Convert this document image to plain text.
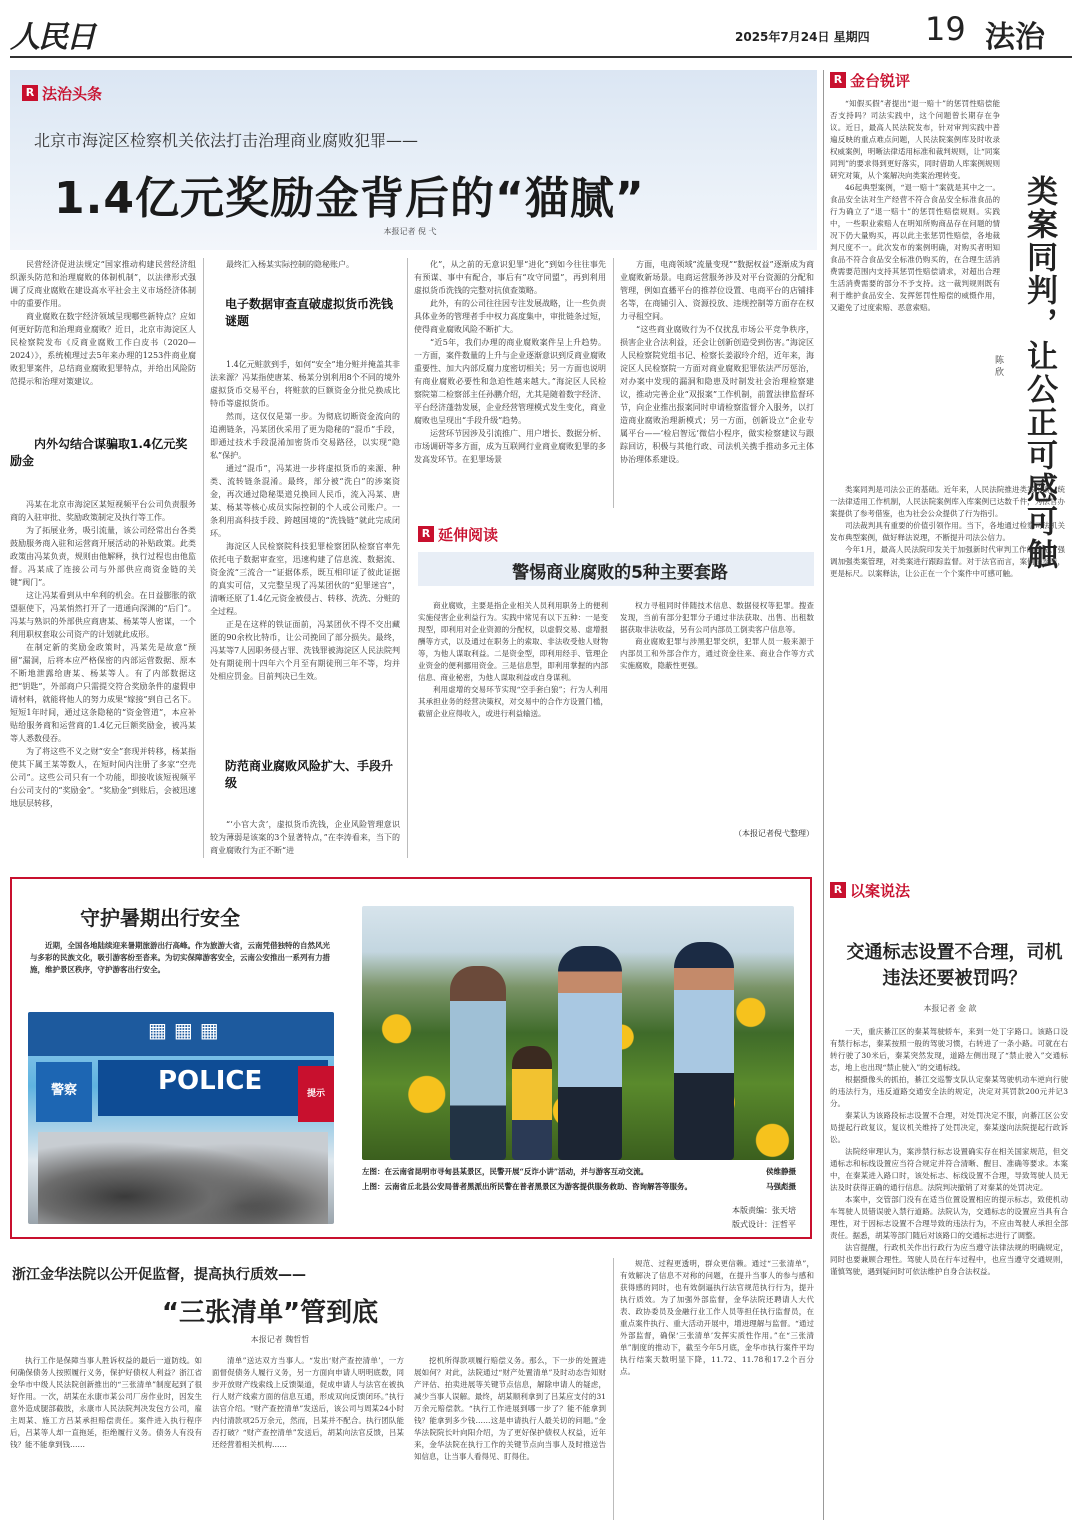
人民日	2025年7月24日 星期四	19 法治
R 法治头条
北京市海淀区检察机关依法打击治理商业腐败犯罪——
1.4亿元奖励金背后的“猫腻”
本报记者 倪 弋

民营经济促进法规定“国家推动构建民营经济组织源头防范和治理腐败的体制机制”，以法律形式强调了反商业腐败在建设高水平社会主义市场经济体制中的重要作用。

商业腐败在数字经济领域呈现哪些新特点？应如何更好防范和治理商业腐败？近日，北京市海淀区人民检察院发布《反商业腐败工作白皮书（2020—2024）》，系统梳理过去5年来办理的1253件商业腐败犯罪案件，总结商业腐败犯罪特点，并给出风险防范提示和治理对策建议。

内外勾结合谋骗取1.4亿元奖励金

冯某在北京市海淀区某短视频平台公司负责服务商的入驻审批、奖励政策制定及执行等工作。

为了拓展业务，吸引流量，该公司经常出台各类鼓励服务商入驻和运营商开展活动的补贴政策。此类政策由冯某负责，规则由他解释，执行过程也由他监督。冯某成了连接公司与外部供应商资金链的关键“阀门”。

这让冯某看到从中牟利的机会。在日益膨胀的欲望驱使下，冯某悄然打开了一道通向深渊的“后门”。冯某与熟识的外部供应商唐某、杨某等人密谋，一个利用职权套取公司资产的计划就此成形。

在制定新的奖励金政策时，冯某先是故意“预留”漏洞，后将本应严格保密的内部运营数据、原本不断地泄露给唐某、杨某等人。有了内部数据这把“钥匙”，外部商户只需提交符合奖励条件的虚假申请材料，就能将他人的努力成果“嫁接”到自己名下。短短1年时间，通过这条隐秘的“资金管道”，本应补贴给服务商和运营商的1.4亿元巨额奖励金，被冯某等人悉数侵吞。

为了将这些不义之财“安全”套现并转移，杨某指使其下属王某等数人，在短时间内注册了多家“空壳公司”。这些公司只有一个功能，即接收该短视频平台公司支付的“奖励金”。“奖励金”到账后，会被迅速地层层转移，

最终汇入杨某实际控制的隐秘账户。

电子数据审查直破虚拟货币洗钱谜题

1.4亿元赃款到手，如何“安全”地分赃并掩盖其非法来源？冯某指使唐某、杨某分别利用8个不同的境外虚拟货币交易平台，将赃款的巨额资金分批兑换成比特币等虚拟货币。

然而，这仅仅是第一步。为彻底切断资金流向的追溯链条，冯某团伙采用了更为隐秘的“混币”手段，即通过技术手段混淆加密货币交易路径，以实现“隐私”保护。

通过“混币”，冯某进一步将虚拟货币的来源、种类、流转链条混淆。最终，部分被“洗白”的涉案资金，再次通过隐秘渠道兑换回人民币，流入冯某、唐某、杨某等核心成员实际控制的个人或公司账户。一条利用高科技手段、跨越国境的“洗钱链”就此完成闭环。

海淀区人民检察院科技犯罪检察团队检察官率先依托电子数据审查室，迅速构建了信息流、数据流、资金流“三流合一”证据体系，既互相印证了彼此证据的真实可信，又完整呈现了冯某团伙的“犯罪迷宫”，清晰还原了1.4亿元资金被侵占、转移、洗洗、分赃的全过程。

正是在这样的铁证面前，冯某团伙不得不交出藏匿的90余枚比特币，让公司挽回了部分损失。最终，冯某等7人因职务侵占罪、洗钱罪被海淀区人民法院判处有期徒刑十四年六个月至有期徒刑三年不等，均并处相应罚金。目前判决已生效。

防范商业腐败风险扩大、手段升级

“‘小官大贪’，虚拟货币洗钱，企业风险管理意识较为薄弱是该案的3个显著特点，”在李涛看来，当下的商业腐败行为正不断“进

化”，从之前的无意识犯罪“进化”到如今往往事先有预谋、事中有配合，事后有“攻守同盟”，再到利用虚拟货币洗钱的完整对抗侦查策略。

此外，有的公司往往因专注发展战略，让一些负责具体业务的管理者手中权力高度集中，审批链条过短，使得商业腐败风险不断扩大。

“近5年，我们办理的商业腐败案件呈上升趋势。一方面，案件数量的上升与企业逐渐意识到反商业腐败重要性、加大内部反腐力度密切相关；另一方面也说明有商业腐败必要性和急迫性越来越大。”海淀区人民检察院第二检察部主任孙鹏介绍，尤其是随着数字经济、平台经济蓬勃发展，企业经营管理模式发生变化，商业腐败也呈现出“手段升级”趋势。

运营环节因涉及引流推广、用户增长、数据分析、市场调研等多方面，成为互联网行业商业腐败犯罪的多发高发环节。在犯罪场景

方面，电商领域“流量变现”“数据权益”逐渐成为商业腐败新场景。电商运营服务涉及对平台资源的分配和管理，例如直播平台的推荐位设置、电商平台的店铺排名等，在商铺引入、资源投放、违规控制等方面存在权力寻租空间。

“这些商业腐败行为不仅扰乱市场公平竞争秩序，损害企业合法利益，还会让创新创造受到伤害。”海淀区人民检察院党组书记、检察长姜淑玲介绍，近年来，海淀区人民检察院一方面对商业腐败犯罪依法严厉惩治，对办案中发现的漏洞和隐患及时制发社会治理检察建议，推动完善企业“双报案”工作机制，前置法律监督环节，向企业推出报案同时申请检察监督介入服务，以打造商业腐败治理新模式；另一方面，创新设立“企业专属平台——‘检启智远’微信小程序，做实检察建议与跟踪回访，积极与其他行政、司法机关携手推动多元主体协治理体系建设。

R 延伸阅读
警惕商业腐败的5种主要套路

商业腐败，主要是指企业相关人员利用职务上的便利实施侵害企业利益行为。实践中常见有以下五种：一是变现型，即利用对企业资源的分配权，以虚假交易、虚增报酬等方式，以及通过在职务上的索取、非法收受他人财物等，为他人谋取利益。二是资金型，即利用经手、管理企业资金的便利挪用资金。三是信息型，即利用掌握的内部信息、商业秘密，为他人谋取利益或自身谋利。

利用虚增的交易环节实现“空手套白狼”；行为人利用其承担业务的经营决策权，对交易中的合作方设置门槛，截留企业应得收入，或进行利益输送。

权力寻租同时伴随技术信息、数据侵权等犯罪。搜查发现，当前有部分犯罪分子通过非法获取、出售、出租数据获取非法收益，另有公司内部员工倒卖客户信息等。

商业腐败犯罪与涉黑犯罪交织，犯罪人员一般来源于内部员工和外部合作方，通过资金往来、商业合作等方式实施腐败，隐蔽性更强。

（本报记者倪弋整理）
R 金台锐评

“知假买假”者提出“退一赔十”的惩罚性赔偿能否支持吗？司法实践中，这个问题曾长期存在争议。近日，最高人民法院发布，针对审判实践中普遍反映的重点难点问题，人民法院案例库及时收录权威案例，明晰法律适用标准和裁判规则，让“同案同判”的要求得到更好落实，同时借助人库案例规则研究对策，从个案解决向类案治理转变。

46起典型案例，“退一赔十”案就是其中之一。食品安全法对生产经营不符合食品安全标准食品的行为确立了“退一赔十”的惩罚性赔偿规则。实践中，一些职业索赔人在明知所购商品存在问题的情况下仍大量购买，再以此主张惩罚性赔偿，各地裁判尺度不一。此次发布的案例明确，对购买者明知食品不符合食品安全标准仍购买的，在合理生活消费需要范围内支持其惩罚性赔偿请求，对超出合理生活消费需要的部分不予支持。这一裁判规则既有利于维护食品安全、发挥惩罚性赔偿的威慑作用，又避免了过度索赔、恶意索赔。	类案同判，让公正可感可触
陈 欣

类案同判是司法公正的基础。近年来，人民法院推进类案检索、统一法律适用工作机制，人民法院案例库入库案例已达数千件，为法官办案提供了参考借鉴，也为社会公众提供了行为指引。

司法裁判具有重要的价值引领作用。当下，各地通过检察司法机关发布典型案例，做好释法说理，不断提升司法公信力。

今年1月，最高人民法院印发关于加强新时代审判工作的意见，强调加强类案管理，对类案进行跟踪监督。对于法官而言，案例是参考，更是标尺。以案释法，让公正在一个个案件中可感可触。

R 以案说法
交通标志设置不合理，司机违法还要被罚吗？
本报记者 金 歆

一天，重庆綦江区的秦某驾驶轿车，来到一处丁字路口。该路口设有禁行标志，秦某按照一般的驾驶习惯，右转进了一条小路。可就在右转行驶了30米后，秦某突然发现，道路左侧出现了“禁止驶入”交通标志，地上也出现“禁止驶入”的交通标线。

根据摄像头的抓拍，綦江交巡警支队认定秦某驾驶机动车逆向行驶的违法行为，违反道路交通安全法的规定，决定对其罚款200元并记3分。

秦某认为该路段标志设置不合理，对处罚决定不服，向綦江区公安局提起行政复议，复议机关维持了处罚决定，秦某遂向法院提起行政诉讼。

法院经审理认为，案涉禁行标志设置确实存在相关国家规范，但交通标志和标线设置应当符合规定并符合清晰、醒目、准确等要求。本案中，在秦某进入路口时，该处标志、标线设置不合理，导致驾驶人员无法及时获得正确的通行信息。法院判决撤销了对秦某的处罚决定。

本案中，交管部门没有在适当位置设置相应的提示标志，致使机动车驾驶人员错误驶入禁行道路。法院认为，交通标志的设置应当具有合理性，对于因标志设置不合理导致的违法行为，不应由驾驶人承担全部责任。据悉，胡某等部门随后对该路口的交通标志进行了调整。

法官提醒，行政机关作出行政行为应当遵守法律法规的明确规定，同时也要兼顾合理性。驾驶人员在行车过程中，也应当遵守交通规则，谨慎驾驶，遇到疑问时可依法维护自身合法权益。

守护暑期出行安全

近期，全国各地陆续迎来暑期旅游出行高峰。作为旅游大省，云南凭借独特的自然风光与多彩的民族文化，吸引游客纷至沓来。为切实保障游客安全，云南公安推出一系列有力措施，维护景区秩序，守护游客出行安全。

▦ ▦ ▦
POLICE
警察	提示
左图：在云南省昆明市寻甸县某景区，民警开展“反诈小讲”活动，并与游客互动交流。	侯维静摄
上图：云南省丘北县公安局普者黑派出所民警在普者黑景区为游客提供服务救助、咨询解答等服务。	马强彪摄
本版责编：张天培
版式设计：汪哲平
浙江金华法院以公开促监督，提高执行质效——
“三张清单”管到底
本报记者 魏哲哲

执行工作是保障当事人胜诉权益的最后一道防线。如何确保债务人按照履行义务，保护好债权人利益？浙江省金华市中级人民法院创新推出的“三张清单”制度起到了很好作用。一次，胡某在永康市某公司厂房作业时，因发生意外造成腿部截肢，永康市人民法院判决发包方公司，雇主周某、施工方吕某承担赔偿责任。案件进入执行程序后，吕某等人却一直拖延，拒绝履行义务。债务人有没有钱？能不能拿到钱……

清单”送达双方当事人。“发出‘财产查控清单’，一方面督促债务人履行义务，另一方面向申请人明明底数，同步开放财产线索线上反馈渠道，促成申请人与法官在被执行人财产线索方面的信息互通，形成双向反馈闭环。”执行法官介绍。“财产查控清单”发送后，该公司与周某24小时内付清款项25万余元，然而，吕某并不配合。执行团队能否打破？“财产查控清单”发送后，胡某向法官反馈，吕某还经营着相关机构……

挖机所得款项履行赔偿义务。那么，下一步的处置进展如何？对此，法院通过“财产处置清单”及时动态告知财产评估、拍卖进展等关键节点信息，解除申请人的疑虑，减少当事人误解。最终，胡某顺利拿到了吕某应支付的31万余元赔偿款。“执行工作进展到哪一步了？能不能拿到钱？能拿到多少钱……这是申请执行人最关切的问题。”金华法院院长叶向阳介绍，为了更好保护债权人权益，近年来，金华法院在执行工作的关键节点向当事人及时推送告知信息，让当事人看得见、盯得住。

规范、过程更透明，群众更信赖。通过“三张清单”，有效解决了信息不对称的问题，在提升当事人的参与感和获得感的同时，也有效倒逼执行法官规范执行行为，提升执行质效。为了加强外部监督，金华法院还聘请人大代表、政协委员及金融行业工作人员等担任执行监督员，在重点案件执行、重大活动开展中，增进理解与监督。“通过外部监督，确保‘三张清单’发挥实质性作用。”在“三张清单”制度的推动下，截至今年5月底，金华市执行案件平均执行结案天数明显下降，11.72、11.78和17.2个百分点。
